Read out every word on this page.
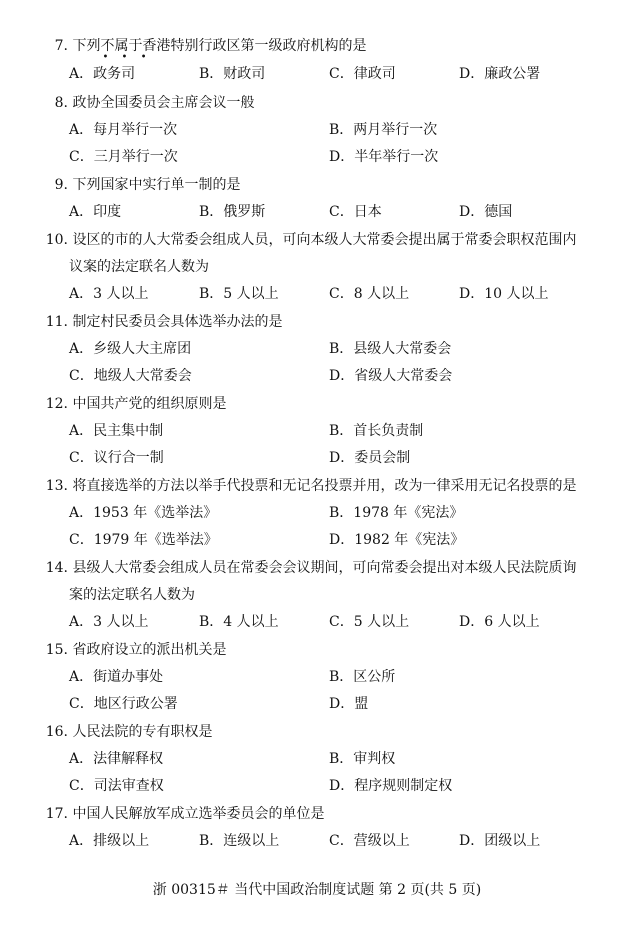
7. 下列不属于
• • •
香港特别行政区第一级政府机构的是
A．政务司	B．财政司	C．律政司	D．廉政公署
8. 政协全国委员会主席会议一般
A．每月举行一次	B．两月举行一次
C．三月举行一次	D．半年举行一次
9. 下列国家中实行单一制的是
A．印度	B．俄罗斯	C．日本	D．德国
10. 设区的市的人大常委会组成人员，可向本级人大常委会提出属于常委会职权范围内
议案的法定联名人数为
A．3 人以上	B．5 人以上	C．8 人以上	D．10 人以上
11. 制定村民委员会具体选举办法的是
A．乡级人大主席团	B．县级人大常委会
C．地级人大常委会	D．省级人大常委会
12. 中国共产党的组织原则是
A．民主集中制	B．首长负责制
C．议行合一制	D．委员会制
13. 将直接选举的方法以举手代投票和无记名投票并用，改为一律采用无记名投票的是
A．1953 年《选举法》	B．1978 年《宪法》
C．1979 年《选举法》	D．1982 年《宪法》
14. 县级人大常委会组成人员在常委会会议期间，可向常委会提出对本级人民法院质询
案的法定联名人数为
A．3 人以上	B．4 人以上	C．5 人以上	D．6 人以上
15. 省政府设立的派出机关是
A．街道办事处	B．区公所
C．地区行政公署	D．盟
16. 人民法院的专有职权是
A．法律解释权	B．审判权
C．司法审查权	D．程序规则制定权
17. 中国人民解放军成立选举委员会的单位是
A．排级以上	B．连级以上	C．营级以上	D．团级以上
浙 00315＃ 当代中国政治制度试题 第 2 页(共 5 页)
